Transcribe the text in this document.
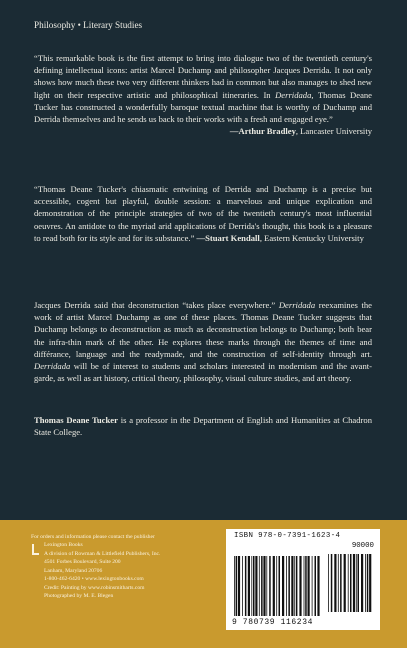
Philosophy • Literary Studies

“This remarkable book is the first attempt to bring into dialogue two of the twentieth century's defining intellectual icons: artist Marcel Duchamp and philosopher Jacques Derrida. It not only shows how much these two very different thinkers had in common but also manages to shed new light on their respective artistic and philosophical itineraries. In Derridada, Thomas Deane Tucker has constructed a wonderfully baroque textual machine that is worthy of Duchamp and Derrida themselves and he sends us back to their works with a fresh and engaged eye.”

—Arthur Bradley, Lancaster University

“Thomas Deane Tucker's chiasmatic entwining of Derrida and Duchamp is a precise but accessible, cogent but playful, double session: a marvelous and unique explication and demonstration of the principle strategies of two of the twentieth century's most influential oeuvres. An antidote to the myriad arid applications of Derrida's thought, this book is a pleasure to read both for its style and for its substance.” —Stuart Kendall, Eastern Kentucky University

Jacques Derrida said that deconstruction “takes place everywhere.” Derridada reexamines the work of artist Marcel Duchamp as one of these places. Thomas Deane Tucker suggests that Duchamp belongs to deconstruction as much as deconstruction belongs to Duchamp; both bear the infra-thin mark of the other. He explores these marks through the themes of time and différance, language and the readymade, and the construction of self-identity through art. Derridada will be of interest to students and scholars interested in modernism and the avant-garde, as well as art history, critical theory, philosophy, visual culture studies, and art theory.

Thomas Deane Tucker is a professor in the Department of English and Humanities at Chadron State College.

For orders and information please contact the publisher
Lexington Books
A division of Rowman & Littlefield Publishers, Inc.
4501 Forbes Boulevard, Suite 200
Lanham, Maryland 20706
1-800-462-6420 • www.lexingtonbooks.com
Credit: Painting by www.robinsmitharts.com
Photographed by M. E. Blegen
ISBN 978-0-7391-1623-4
90000
9 780739 116234
